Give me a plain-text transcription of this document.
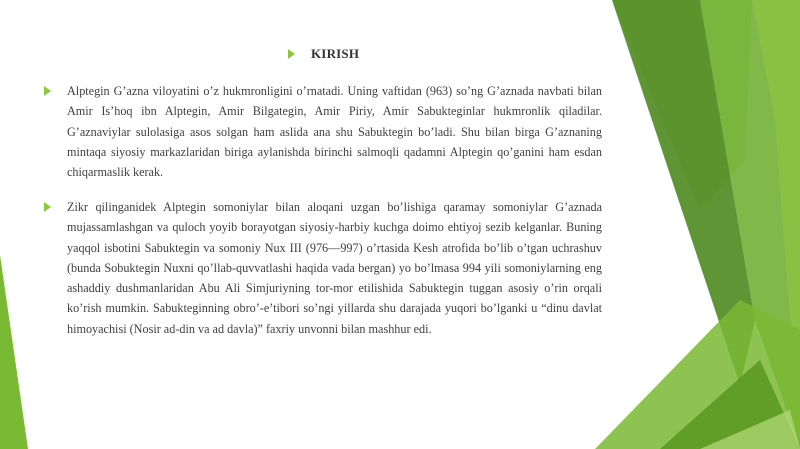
KIRISH
Alptegin G’azna viloyatini o’z hukmronligini o’rnatadi. Uning vaftidan (963) so’ng G’aznada navbati bilan Amir Is’hoq ibn Alptegin, Amir Bilgategin, Amir Piriy, Amir Sabukteginlar hukmronlik qiladilar. G’aznaviylar sulolasiga asos solgan ham aslida ana shu Sabuktegin bo’ladi. Shu bilan birga G’aznaning mintaqa siyosiy markazlaridan biriga aylanishda birinchi salmoqli qadamni Alptegin qo’ganini ham esdan chiqarmaslik kerak.
Zikr qilinganidek Alptegin somoniylar bilan aloqani uzgan bo’lishiga qaramay somoniylar G’aznada mujassamlashgan va quloch yoyib borayotgan siyosiy-harbiy kuchga doimo ehtiyoj sezib kelganlar. Buning yaqqol isbotini Sabuktegin va somoniy Nux III (976—997) o’rtasida Kesh atrofida bo’lib o’tgan uchrashuv (bunda Sobuktegin Nuxni qo’llab-quvvatlashi haqida vada bergan) yo bo’lmasa 994 yili somoniylarning eng ashaddiy dushmanlaridan Abu Ali Simjuriyning tor-mor etilishida Sabuktegin tuggan asosiy o’rin orqali ko’rish mumkin. Sabukteginning obro’-e’tibori so’ngi yillarda shu darajada yuqori bo’lganki u “dinu davlat himoyachisi (Nosir ad-din va ad davla)” faxriy unvonni bilan mashhur edi.
